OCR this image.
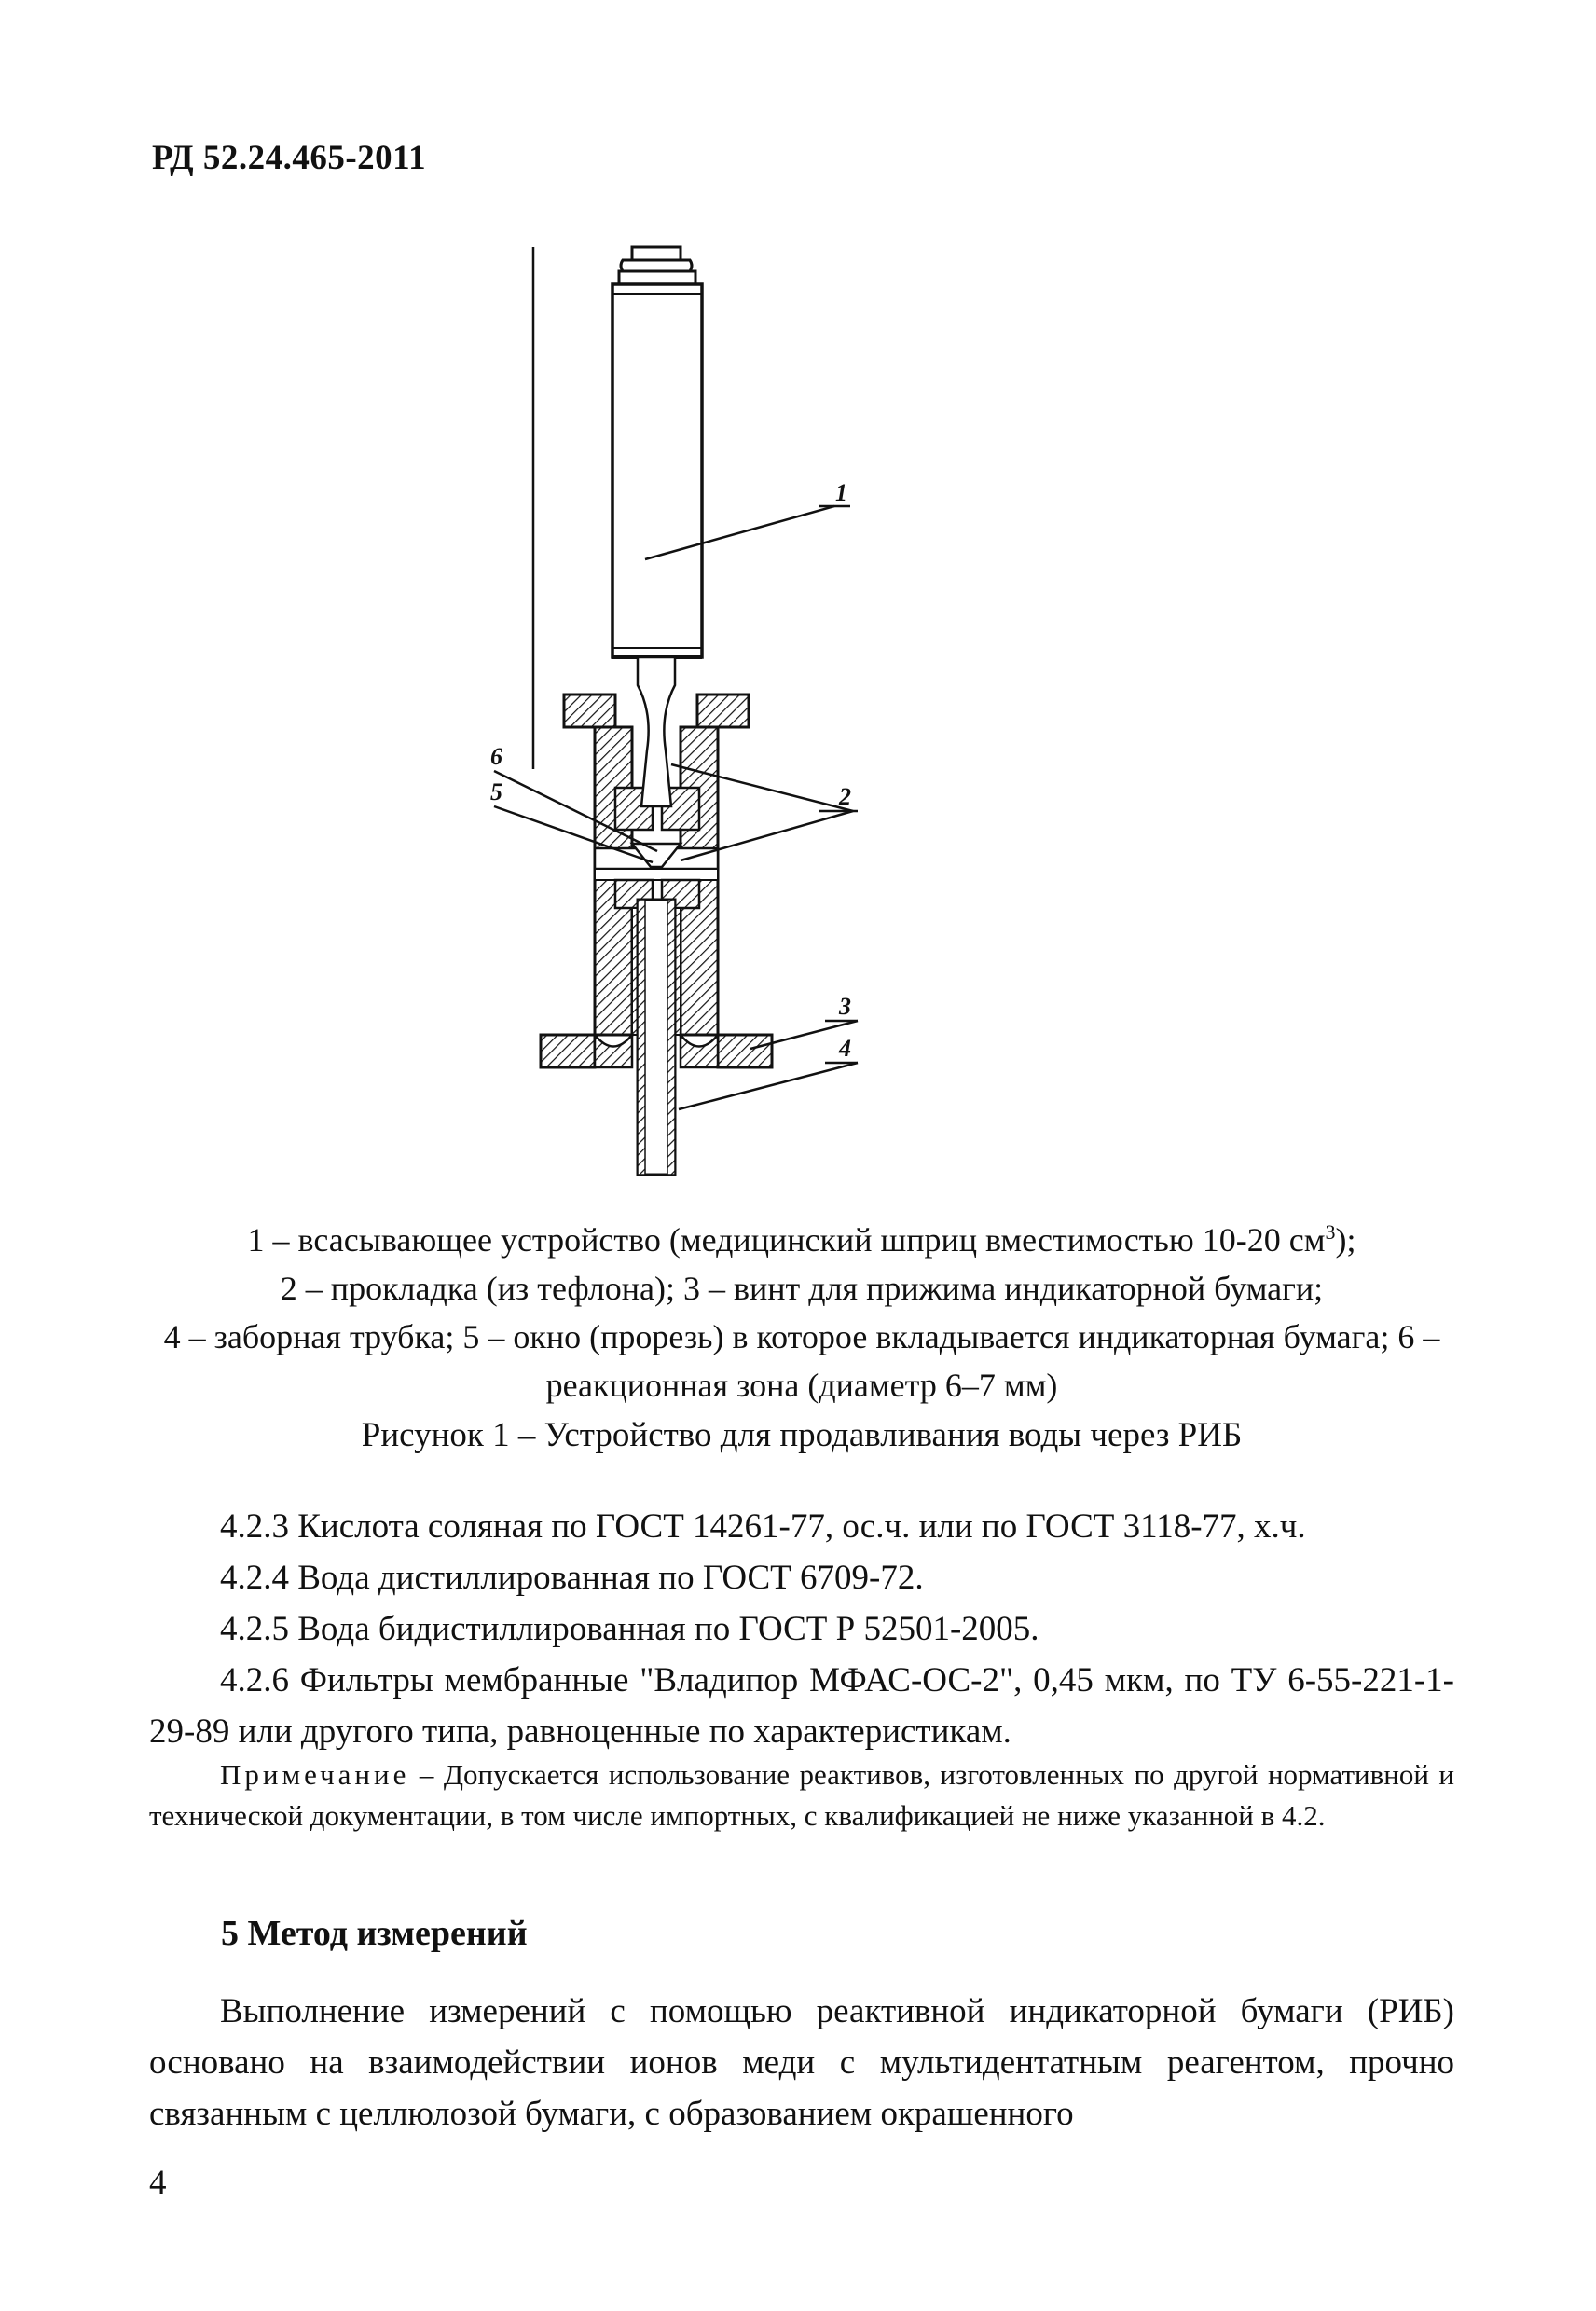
РД 52.24.465-2011
1
6
5	2
3
4
1 – всасывающее устройство (медицинский шприц вместимостью 10-20 $см^3$);
2 – прокладка (из тефлона); 3 – винт для прижима индикаторной бумаги;
4 – заборная трубка; 5 – окно (прорезь) в которое вкладывается индикаторная бумага; 6 – реакционная зона (диаметр 6–7 мм)
Рисунок 1 – Устройство для продавливания воды через РИБ
4.2.3 Кислота соляная по ГОСТ 14261-77, ос.ч. или по ГОСТ 3118-77, х.ч.
4.2.4 Вода дистиллированная по ГОСТ 6709-72.
4.2.5 Вода бидистиллированная по ГОСТ Р 52501-2005.
4.2.6 Фильтры мембранные "Владипор МФАС-ОС-2", 0,45 мкм, по ТУ 6-55-221-1-29-89 или другого типа, равноценные по характеристикам.
Примечание – Допускается использование реактивов, изготовленных по другой нормативной и технической документации, в том числе импортных, с квалификацией не ниже указанной в 4.2.
5 Метод измерений
Выполнение измерений с помощью реактивной индикаторной бумаги (РИБ) основано на взаимодействии ионов меди с мультидентатным реагентом, прочно связанным с целлюлозой бумаги, с образованием окрашенного
4
